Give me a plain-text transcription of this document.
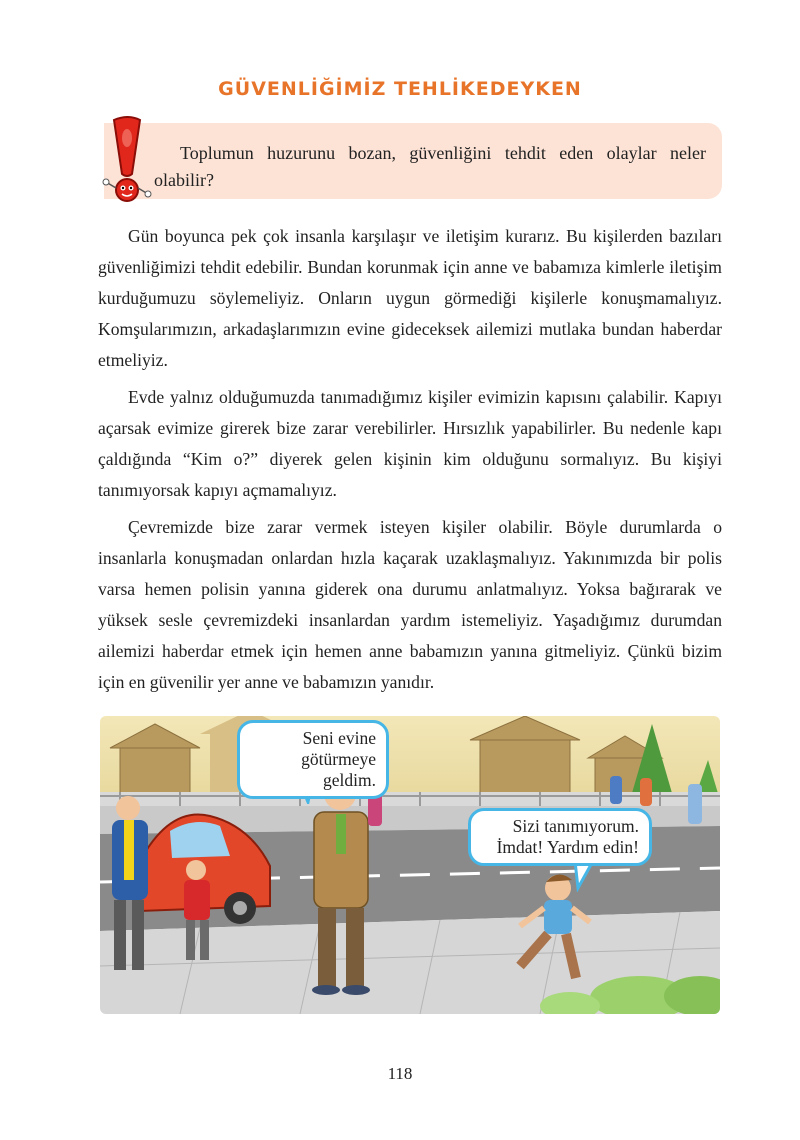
GÜVENLİĞİMİZ TEHLİKEDEYKEN
Toplumun huzurunu bozan, güvenliğini tehdit eden olaylar neler olabilir?

Gün boyunca pek çok insanla karşılaşır ve iletişim kurarız. Bu kişilerden bazıları güvenliğimizi tehdit edebilir. Bundan korunmak için anne ve babamıza kimlerle iletişim kurduğumuzu söylemeliyiz. Onların uygun görmediği kişilerle konuşmamalıyız. Komşularımızın, arkadaşlarımızın evine gideceksek ailemizi mutlaka bundan haberdar etmeliyiz.

Evde yalnız olduğumuzda tanımadığımız kişiler evimizin kapısını çalabilir. Kapıyı açarsak evimize girerek bize zarar verebilirler. Hırsızlık yapabilirler. Bu nedenle kapı çaldığında “Kim o?” diyerek gelen kişinin kim olduğunu sormalıyız. Bu kişiyi tanımıyorsak kapıyı açmamalıyız.

Çevremizde bize zarar vermek isteyen kişiler olabilir. Böyle durumlarda o insanlarla konuşmadan onlardan hızla kaçarak uzaklaşmalıyız. Yakınımızda bir polis varsa hemen polisin yanına giderek ona durumu anlatmalıyız. Yoksa bağırarak ve yüksek sesle çevremizdeki insanlardan yardım istemeliyiz. Yaşadığımız durumdan ailemizi haberdar etmek için hemen anne babamızın yanına gitmeliyiz. Çünkü bizim için en güvenilir yer anne ve babamızın yanıdır.

Seni evine götürmeye geldim.
Sizi tanımıyorum. İmdat! Yardım edin!
118
